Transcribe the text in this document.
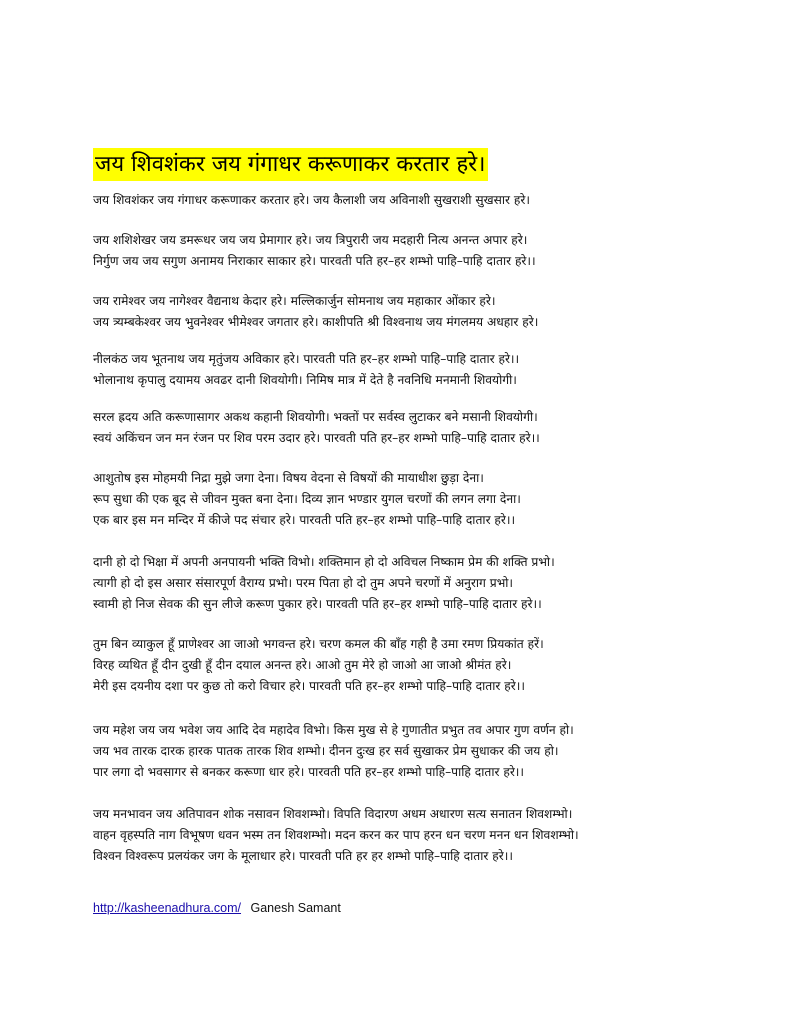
जय शिवशंकर जय गंगाधर करूणाकर करतार हरे।
जय शिवशंकर जय गंगाधर करूणाकर करतार हरे। जय कैलाशी जय अविनाशी सुखराशी सुखसार हरे।
जय शशिशेखर जय डमरूधर जय जय प्रेमागार हरे। जय त्रिपुरारी जय मदहारी नित्य अनन्त अपार हरे।
निर्गुण जय जय सगुण अनामय निराकार साकार हरे। पारवती पति हर–हर शम्भो पाहि–पाहि दातार हरे।।
जय रामेश्वर जय नागेश्वर वैद्यनाथ केदार हरे। मल्लिकार्जुन सोमनाथ जय महाकार ओंकार हरे।
जय त्र्यम्बकेश्वर जय भुवनेश्वर भीमेश्वर जगतार हरे। काशीपति श्री विश्वनाथ जय मंगलमय अधहार हरे।
नीलकंठ जय भूतनाथ जय मृतुंजय अविकार हरे। पारवती पति हर–हर शम्भो पाहि–पाहि दातार हरे।।
भोलानाथ कृपालु दयामय अवढर दानी शिवयोगी। निमिष मात्र में देते है नवनिधि मनमानी शिवयोगी।
सरल ह्रदय अति करूणासागर अकथ कहानी शिवयोगी। भक्तों पर सर्वस्व लुटाकर बने मसानी शिवयोगी।
स्वयं अकिंचन जन मन रंजन पर शिव परम उदार हरे। पारवती पति हर–हर शम्भो पाहि–पाहि दातार हरे।।
आशुतोष इस मोहमयी निद्रा मुझे जगा देना। विषय वेदना से विषयों की मायाधीश छुड़ा देना।
रूप सुधा की एक बूद से जीवन मुक्त बना देना। दिव्य ज्ञान भण्डार युगल चरणों की लगन लगा देना।
एक बार इस मन मन्दिर में कीजे पद संचार हरे। पारवती पति हर–हर शम्भो पाहि–पाहि दातार हरे।।
दानी हो दो भिक्षा में अपनी अनपायनी भक्ति विभो। शक्तिमान हो दो अविचल निष्काम प्रेम की शक्ति प्रभो।
त्यागी हो दो इस असार संसारपूर्ण वैराग्य प्रभो। परम पिता हो दो तुम अपने चरणों में अनुराग प्रभो।
स्वामी हो निज सेवक की सुन लीजे करूण पुकार हरे। पारवती पति हर–हर शम्भो पाहि–पाहि दातार हरे।।
तुम बिन व्याकुल हूँ प्राणेश्वर आ जाओ भगवन्त हरे। चरण कमल की बाँह गही है उमा रमण प्रियकांत हरें।
विरह व्यथित हूँ दीन दुखी हूँ दीन दयाल अनन्त हरे। आओ तुम मेरे हो जाओ आ जाओ श्रीमंत हरे।
मेरी इस दयनीय दशा पर कुछ तो करो विचार हरे। पारवती पति हर–हर शम्भो पाहि–पाहि दातार हरे।।
जय महेश जय जय भवेश जय आदि देव महादेव विभो। किस मुख से हे गुणातीत प्रभुत तव अपार गुण वर्णन हो।
जय भव तारक दारक हारक पातक तारक शिव शम्भो। दीनन दुःख हर सर्व सुखाकर प्रेम सुधाकर की जय हो।
पार लगा दो भवसागर से बनकर करूणा धार हरे। पारवती पति हर–हर शम्भो पाहि–पाहि दातार हरे।।
जय मनभावन जय अतिपावन शोक नसावन शिवशम्भो। विपति विदारण अधम अधारण सत्य सनातन शिवशम्भो।
वाहन वृहस्पति नाग विभूषण धवन भस्म तन शिवशम्भो। मदन करन कर पाप हरन धन चरण मनन धन शिवशम्भो।
विश्वन विश्वरूप प्रलयंकर जग के मूलाधार हरे। पारवती पति हर हर शम्भो पाहि–पाहि दातार हरे।।
http://kasheenadhura.com/ Ganesh Samant
